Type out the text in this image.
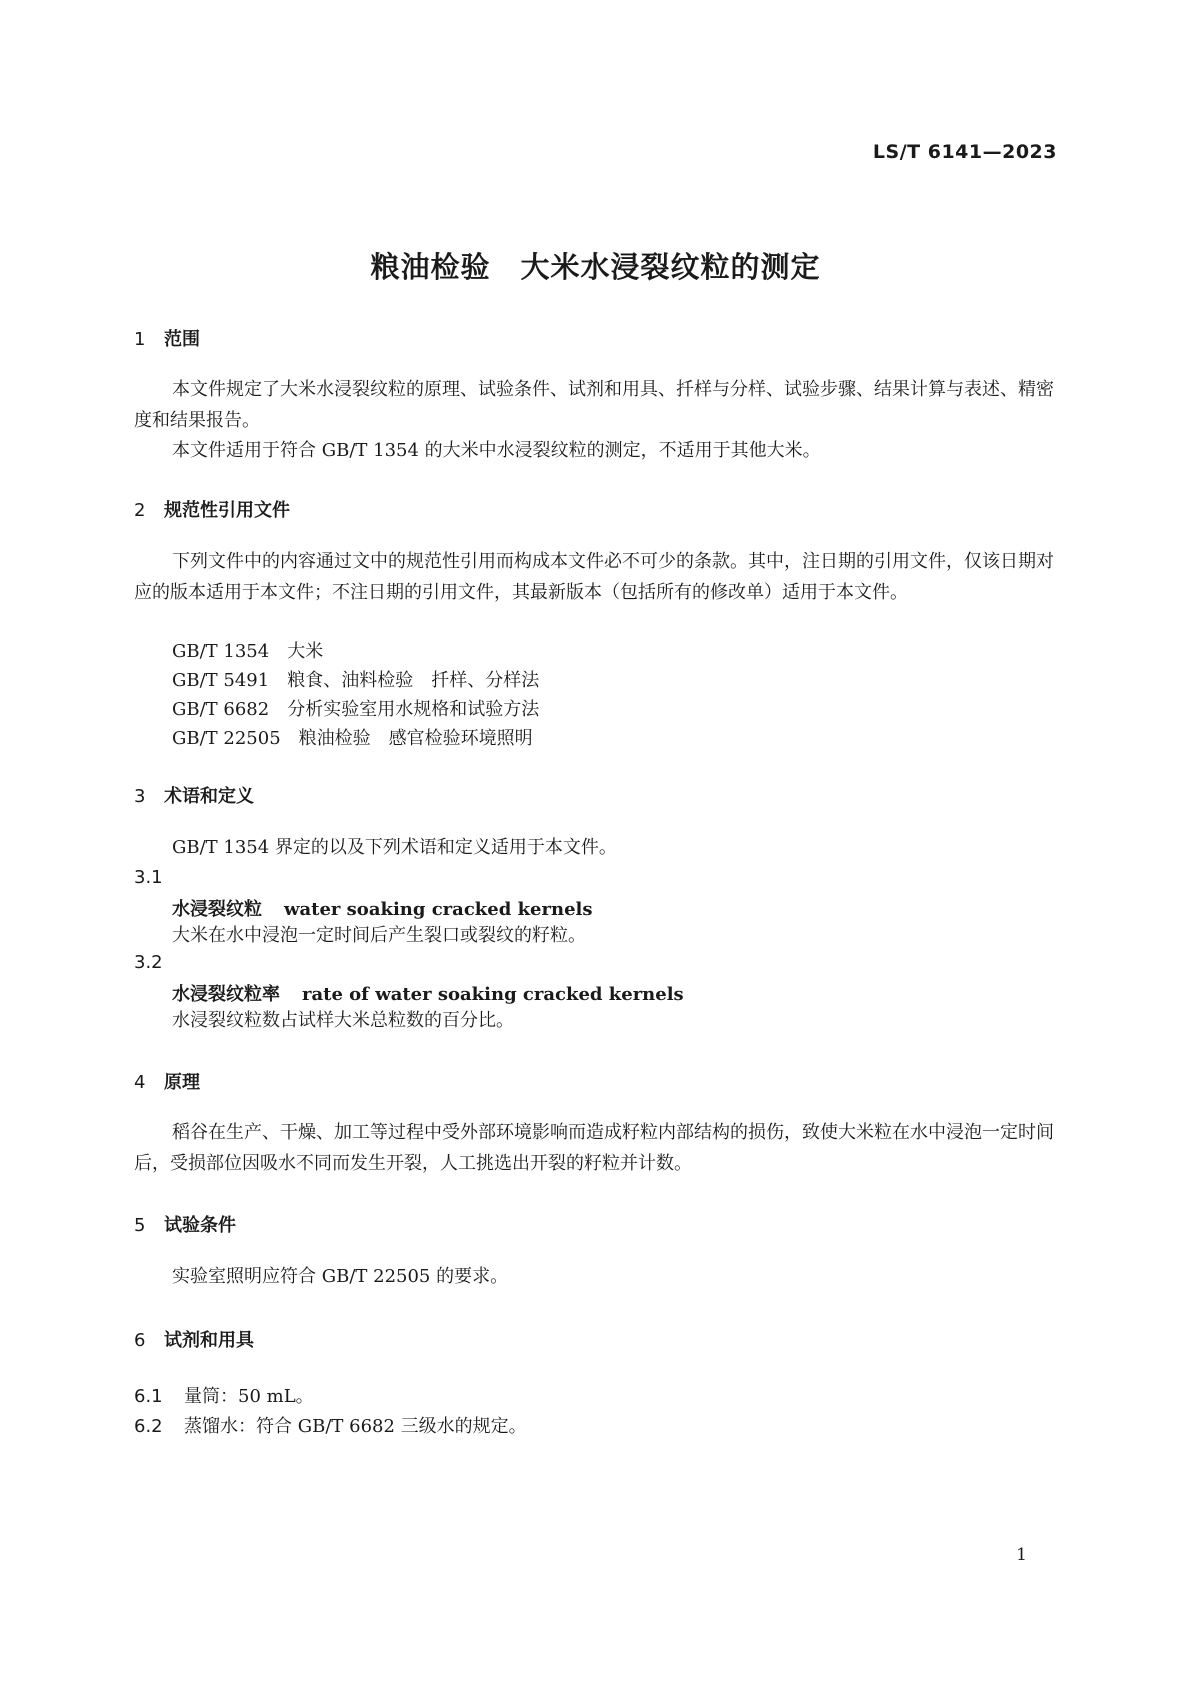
LS/T 6141—2023
粮油检验　大米水浸裂纹粒的测定
1 范围
本文件规定了大米水浸裂纹粒的原理、试验条件、试剂和用具、扦样与分样、试验步骤、结果计算与表述、精密度和结果报告。
本文件适用于符合 GB/T 1354 的大米中水浸裂纹粒的测定，不适用于其他大米。
2 规范性引用文件
下列文件中的内容通过文中的规范性引用而构成本文件必不可少的条款。其中，注日期的引用文件，仅该日期对应的版本适用于本文件；不注日期的引用文件，其最新版本（包括所有的修改单）适用于本文件。
GB/T 1354 大米
GB/T 5491 粮食、油料检验　扦样、分样法
GB/T 6682 分析实验室用水规格和试验方法
GB/T 22505 粮油检验　感官检验环境照明
3 术语和定义
GB/T 1354 界定的以及下列术语和定义适用于本文件。
3.1
水浸裂纹粒 water soaking cracked kernels
大米在水中浸泡一定时间后产生裂口或裂纹的籽粒。
3.2
水浸裂纹粒率 rate of water soaking cracked kernels
水浸裂纹粒数占试样大米总粒数的百分比。
4 原理
稻谷在生产、干燥、加工等过程中受外部环境影响而造成籽粒内部结构的损伤，致使大米粒在水中浸泡一定时间后，受损部位因吸水不同而发生开裂，人工挑选出开裂的籽粒并计数。
5 试验条件
实验室照明应符合 GB/T 22505 的要求。
6 试剂和用具
6.1 量筒：50 mL。
6.2 蒸馏水：符合 GB/T 6682 三级水的规定。
1
